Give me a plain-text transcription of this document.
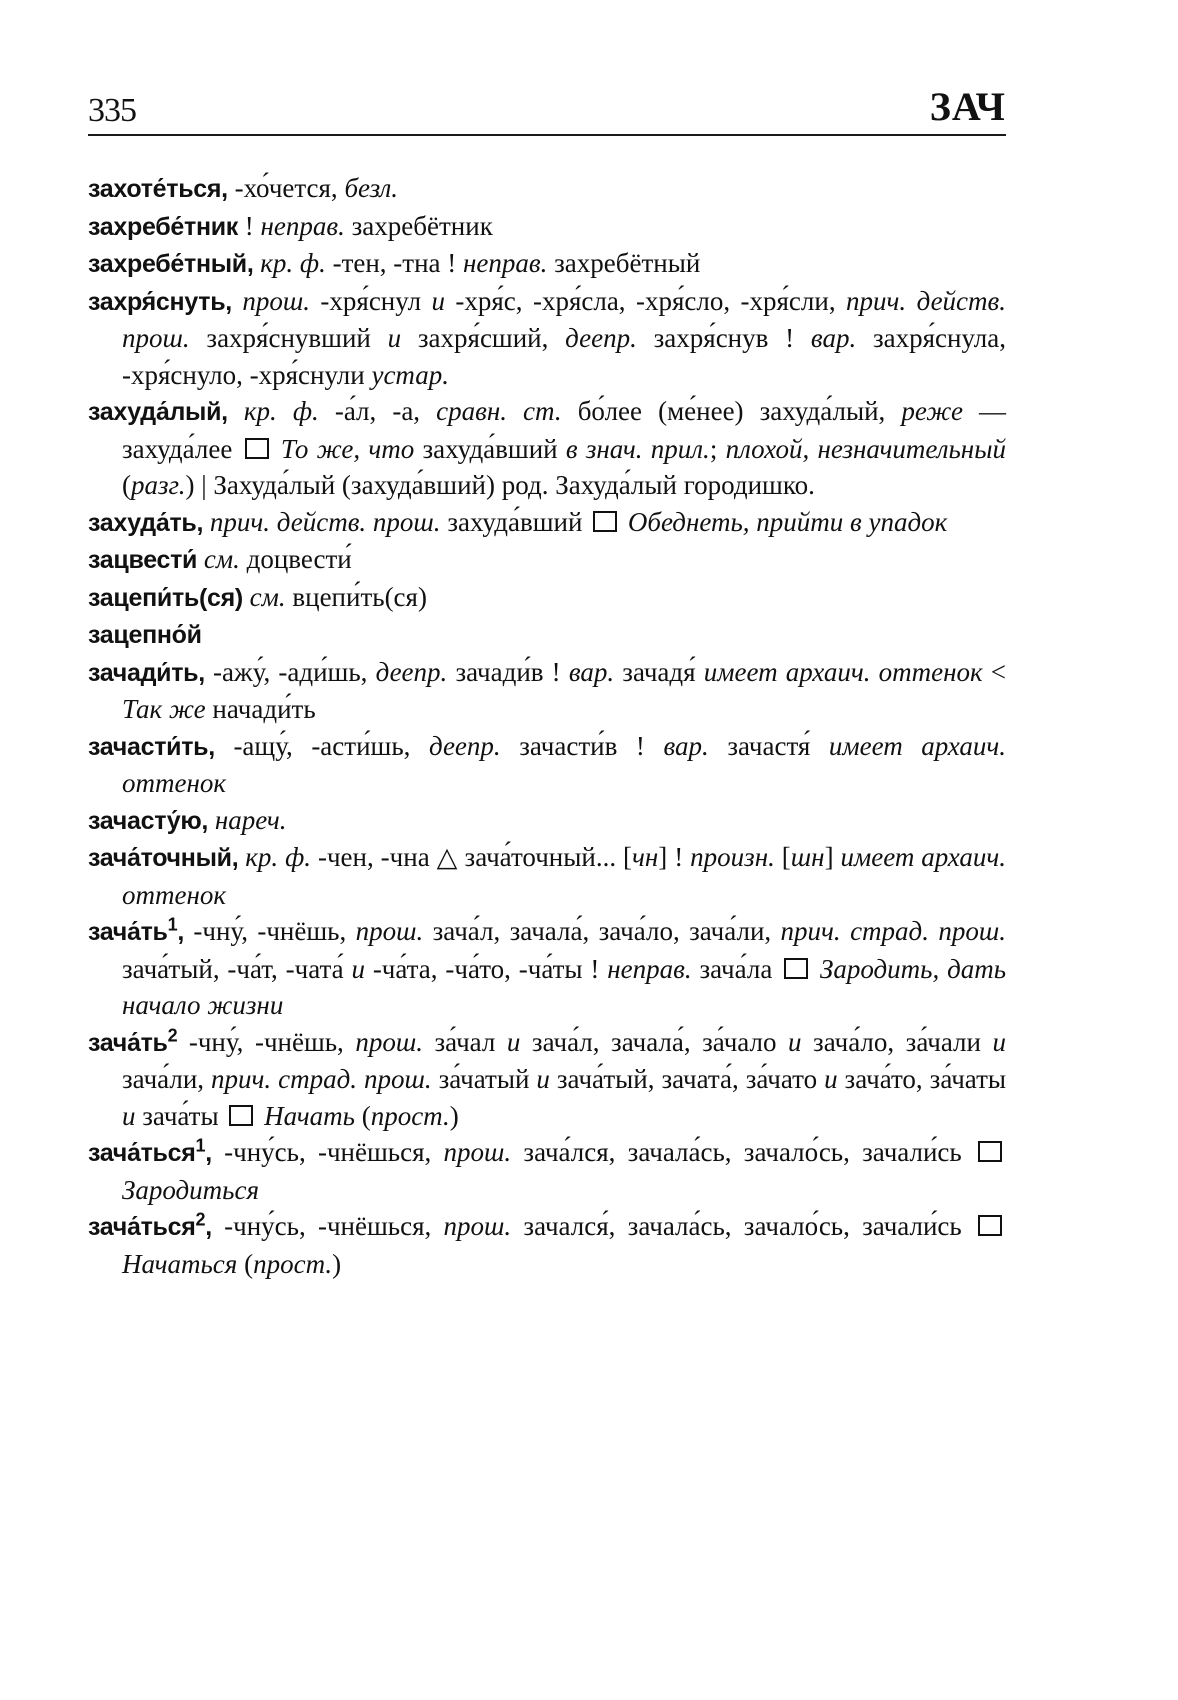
335	ЗАЧ
захоте́ться, -хо́чется, безл.
захребе́тник ! неправ. захребётник
захребе́тный, кр. ф. -тен, -тна ! неправ. захребётный
захря́снуть, прош. -хря́снул и -хря́с, -хря́сла, -хря́сло, -хря́сли, прич. действ. прош. захря́снувший и захря́сший, деепр. захря́снув ! вар. захря́снула, -хря́снуло, -хря́снули устар.
захуда́лый, кр. ф. -а́л, -а, сравн. ст. бо́лее (ме́нее) захуда́лый, реже — захуда́лее  То же, что захуда́вший в знач. прил.; плохой, незначительный (разг.) | Захуда́лый (захуда́вший) род. Захуда́лый городишко.
захуда́ть, прич. действ. прош. захуда́вший  Обеднеть, прийти в упадок
зацвести́ см. доцвести́
зацепи́ть(ся) см. вцепи́ть(ся)
зацепно́й
зачади́ть, -ажу́, -ади́шь, деепр. зачади́в ! вар. зачадя́ имеет архаич. оттенок < Так же начади́ть
зачасти́ть, -ащу́, -асти́шь, деепр. зачасти́в ! вар. зачастя́ имеет архаич. оттенок
зачасту́ю, нареч.
зача́точный, кр. ф. -чен, -чна △ зача́точный... [чн] ! произн. [шн] имеет архаич. оттенок
$зача́ть^1$, -чну́, -чнёшь, прош. зача́л, зачала́, зача́ло, зача́ли, прич. страд. прош. зача́тый, -ча́т, -чата́ и -ча́та, -ча́то, -ча́ты ! неправ. зача́ла  Зародить, дать начало жизни
$зача́ть^2$ -чну́, -чнёшь, прош. за́чал и зача́л, зачала́, за́чало и зача́ло, за́чали и зача́ли, прич. страд. прош. за́чатый и зача́тый, зачата́, за́чато и зача́то, за́чаты и зача́ты  Начать (прост.)
зача́ться$^1$, -чну́сь, -чнёшься, прош. зача́лся, зачала́сь, зачало́сь, зачали́сь  Зародиться
зача́ться$^2$, -чну́сь, -чнёшься, прош. зачался́, зачала́сь, зачало́сь, зачали́сь  Начаться (прост.)
